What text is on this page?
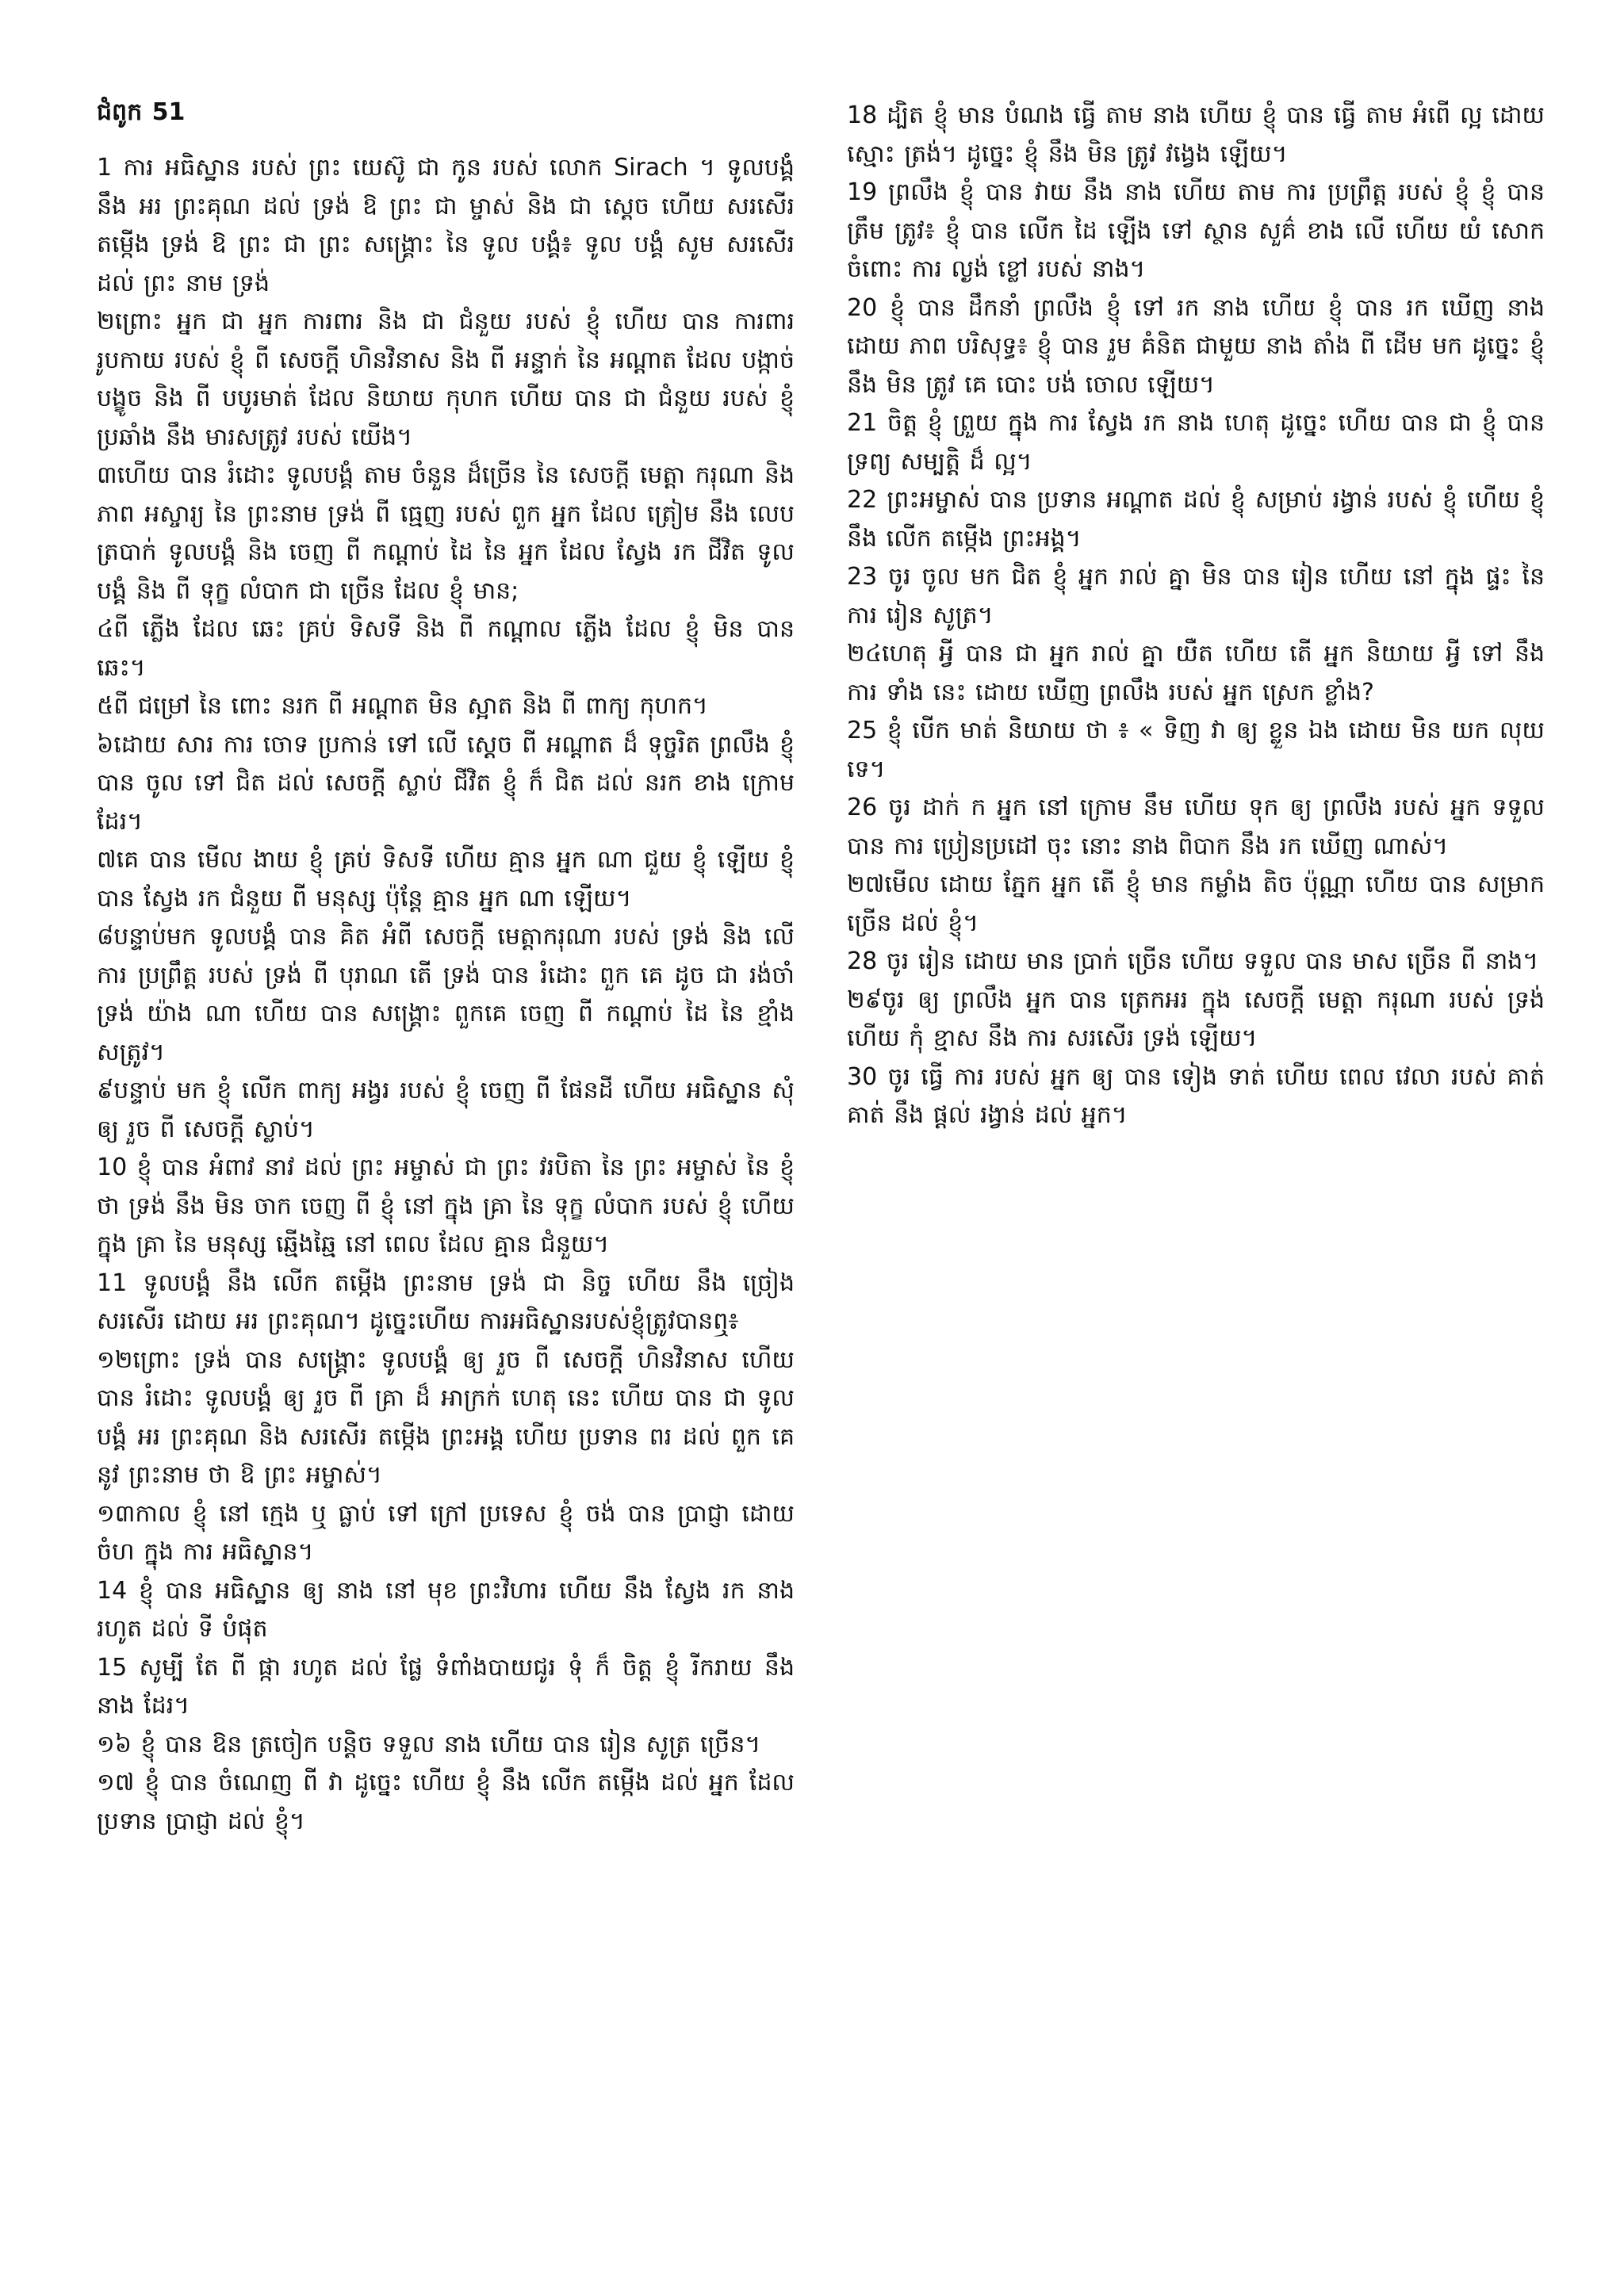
ជំពូក 51
1 ការ អធិស្ឋាន របស់ ព្រះ យេស៊ូ ជា កូន របស់ លោក Sirach ។ ទូលបង្គំ នឹង អរ ព្រះគុណ ដល់ ទ្រង់ ឱ ព្រះ ជា ម្ចាស់ និង ជា ស្តេច ហើយ សរសើរ តម្កើង ទ្រង់ ឱ ព្រះ ជា ព្រះ សង្គ្រោះ នៃ ទូល បង្គំ៖ ទូល បង្គំ សូម សរសើរ ដល់ ព្រះ នាម ទ្រង់
២ព្រោះ អ្នក ជា អ្នក ការពារ និង ជា ជំនួយ របស់ ខ្ញុំ ហើយ បាន ការពារ រូបកាយ របស់ ខ្ញុំ ពី សេចក្ដី ហិនវិនាស និង ពី អន្ទាក់ នៃ អណ្ដាត ដែល បង្កាច់ បង្ខូច និង ពី បបូរមាត់ ដែល និយាយ កុហក ហើយ បាន ជា ជំនួយ របស់ ខ្ញុំ ប្រឆាំង នឹង មារសត្រូវ របស់ យើង។
៣ហើយ បាន រំដោះ ទូលបង្គំ តាម ចំនួន ដ៏ច្រើន នៃ សេចក្តី មេត្តា ករុណា និង ភាព អស្ចារ្យ នៃ ព្រះនាម ទ្រង់ ពី ធ្មេញ របស់ ពួក អ្នក ដែល ត្រៀម នឹង លេប ត្របាក់ ទូលបង្គំ និង ចេញ ពី កណ្តាប់ ដៃ នៃ អ្នក ដែល ស្វែង រក ជីវិត ទូលបង្គំ និង ពី ទុក្ខ លំបាក ជា ច្រើន ដែល ខ្ញុំ មាន;
៤ពី ភ្លើង ដែល ឆេះ គ្រប់ ទិសទី និង ពី កណ្តាល ភ្លើង ដែល ខ្ញុំ មិន បាន ឆេះ។
៥ពី ជម្រៅ នៃ ពោះ នរក ពី អណ្តាត មិន ស្អាត និង ពី ពាក្យ កុហក។
៦ដោយ សារ ការ ចោទ ប្រកាន់ ទៅ លើ ស្តេច ពី អណ្តាត ដ៏ ទុច្ចរិត ព្រលឹង ខ្ញុំ បាន ចូល ទៅ ជិត ដល់ សេចក្ដី ស្លាប់ ជីវិត ខ្ញុំ ក៏ ជិត ដល់ នរក ខាង ក្រោម ដែរ។
៧គេ បាន មើល ងាយ ខ្ញុំ គ្រប់ ទិសទី ហើយ គ្មាន អ្នក ណា ជួយ ខ្ញុំ ឡើយ ខ្ញុំ បាន ស្វែង រក ជំនួយ ពី មនុស្ស ប៉ុន្តែ គ្មាន អ្នក ណា ឡើយ។
៨បន្ទាប់មក ទូលបង្គំ បាន គិត អំពី សេចក្តី មេត្តាករុណា របស់ ទ្រង់ និង លើ ការ ប្រព្រឹត្ត របស់ ទ្រង់ ពី បុរាណ តើ ទ្រង់ បាន រំដោះ ពួក គេ ដូច ជា រង់ចាំ ទ្រង់ យ៉ាង ណា ហើយ បាន សង្គ្រោះ ពួកគេ ចេញ ពី កណ្តាប់ ដៃ នៃ ខ្មាំង សត្រូវ។
៩បន្ទាប់ មក ខ្ញុំ លើក ពាក្យ អង្វរ របស់ ខ្ញុំ ចេញ ពី ផែនដី ហើយ អធិស្ឋាន សុំ ឲ្យ រួច ពី សេចក្តី ស្លាប់។
10 ខ្ញុំ បាន អំពាវ នាវ ដល់ ព្រះ អម្ចាស់ ជា ព្រះ វរបិតា នៃ ព្រះ អម្ចាស់ នៃ ខ្ញុំ ថា ទ្រង់ នឹង មិន ចាក ចេញ ពី ខ្ញុំ នៅ ក្នុង គ្រា នៃ ទុក្ខ លំបាក របស់ ខ្ញុំ ហើយ ក្នុង គ្រា នៃ មនុស្ស ឆ្មើងឆ្មៃ នៅ ពេល ដែល គ្មាន ជំនួយ។
11 ទូលបង្គំ នឹង លើក តម្កើង ព្រះនាម ទ្រង់ ជា និច្ច ហើយ នឹង ច្រៀង សរសើរ ដោយ អរ ព្រះគុណ។ ដូច្នេះហើយ ការអធិស្ឋានរបស់ខ្ញុំត្រូវបានឮ៖
១២ព្រោះ ទ្រង់ បាន សង្គ្រោះ ទូលបង្គំ ឲ្យ រួច ពី សេចក្ដី ហិនវិនាស ហើយ បាន រំដោះ ទូលបង្គំ ឲ្យ រួច ពី គ្រា ដ៏ អាក្រក់ ហេតុ នេះ ហើយ បាន ជា ទូលបង្គំ អរ ព្រះគុណ និង សរសើរ តម្កើង ព្រះអង្គ ហើយ ប្រទាន ពរ ដល់ ពួក គេ នូវ ព្រះនាម ថា ឱ ព្រះ អម្ចាស់។
១៣កាល ខ្ញុំ នៅ ក្មេង ឬ ធ្លាប់ ទៅ ក្រៅ ប្រទេស ខ្ញុំ ចង់ បាន ប្រាជ្ញា ដោយ ចំហ ក្នុង ការ អធិស្ឋាន។
14 ខ្ញុំ បាន អធិស្ឋាន ឲ្យ នាង នៅ មុខ ព្រះវិហារ ហើយ នឹង ស្វែង រក នាង រហូត ដល់ ទី បំផុត
15 សូម្បី តែ ពី ផ្កា រហូត ដល់ ផ្លែ ទំពាំងបាយជូរ ទុំ ក៏ ចិត្ត ខ្ញុំ រីករាយ នឹង នាង ដែរ។
១៦ ខ្ញុំ បាន ឱន ត្រចៀក បន្តិច ទទួល នាង ហើយ បាន រៀន សូត្រ ច្រើន។
១៧ ខ្ញុំ បាន ចំណេញ ពី វា ដូច្នេះ ហើយ ខ្ញុំ នឹង លើក តម្កើង ដល់ អ្នក ដែល ប្រទាន ប្រាជ្ញា ដល់ ខ្ញុំ។
18 ដ្បិត ខ្ញុំ មាន បំណង ធ្វើ តាម នាង ហើយ ខ្ញុំ បាន ធ្វើ តាម អំពើ ល្អ ដោយ ស្មោះ ត្រង់។ ដូច្នេះ ខ្ញុំ នឹង មិន ត្រូវ វង្វេង ឡើយ។
19 ព្រលឹង ខ្ញុំ បាន វាយ នឹង នាង ហើយ តាម ការ ប្រព្រឹត្ត របស់ ខ្ញុំ ខ្ញុំ បាន ត្រឹម ត្រូវ៖ ខ្ញុំ បាន លើក ដៃ ឡើង ទៅ ស្ថាន សួគ៌ ខាង លើ ហើយ យំ សោក ចំពោះ ការ ល្ងង់ ខ្លៅ របស់ នាង។
20 ខ្ញុំ បាន ដឹកនាំ ព្រលឹង ខ្ញុំ ទៅ រក នាង ហើយ ខ្ញុំ បាន រក ឃើញ នាង ដោយ ភាព បរិសុទ្ធ៖ ខ្ញុំ បាន រួម គំនិត ជាមួយ នាង តាំង ពី ដើម មក ដូច្នេះ ខ្ញុំ នឹង មិន ត្រូវ គេ បោះ បង់ ចោល ឡើយ។
21 ចិត្ត ខ្ញុំ ព្រួយ ក្នុង ការ ស្វែង រក នាង ហេតុ ដូច្នេះ ហើយ បាន ជា ខ្ញុំ បាន ទ្រព្យ សម្បត្តិ ដ៏ ល្អ។
22 ព្រះអម្ចាស់ បាន ប្រទាន អណ្តាត ដល់ ខ្ញុំ សម្រាប់ រង្វាន់ របស់ ខ្ញុំ ហើយ ខ្ញុំ នឹង លើក តម្កើង ព្រះអង្គ។
23 ចូរ ចូល មក ជិត ខ្ញុំ អ្នក រាល់ គ្នា មិន បាន រៀន ហើយ នៅ ក្នុង ផ្ទះ នៃ ការ រៀន សូត្រ។
២៤ហេតុ អ្វី បាន ជា អ្នក រាល់ គ្នា យឺត ហើយ តើ អ្នក និយាយ អ្វី ទៅ នឹង ការ ទាំង នេះ ដោយ ឃើញ ព្រលឹង របស់ អ្នក ស្រេក ខ្លាំង?
25 ខ្ញុំ បើក មាត់ និយាយ ថា ៖ « ទិញ វា ឲ្យ ខ្លួន ឯង ដោយ មិន យក លុយ ទេ។
26 ចូរ ដាក់ ក អ្នក នៅ ក្រោម នឹម ហើយ ទុក ឲ្យ ព្រលឹង របស់ អ្នក ទទួល បាន ការ ប្រៀនប្រដៅ ចុះ នោះ នាង ពិបាក នឹង រក ឃើញ ណាស់។
២៧មើល ដោយ ភ្នែក អ្នក តើ ខ្ញុំ មាន កម្លាំង តិច ប៉ុណ្ណា ហើយ បាន សម្រាក ច្រើន ដល់ ខ្ញុំ។
28 ចូរ រៀន ដោយ មាន ប្រាក់ ច្រើន ហើយ ទទួល បាន មាស ច្រើន ពី នាង។
២៩ចូរ ឲ្យ ព្រលឹង អ្នក បាន ត្រេកអរ ក្នុង សេចក្ដី មេត្តា ករុណា របស់ ទ្រង់ ហើយ កុំ ខ្មាស នឹង ការ សរសើរ ទ្រង់ ឡើយ។
30 ចូរ ធ្វើ ការ របស់ អ្នក ឲ្យ បាន ទៀង ទាត់ ហើយ ពេល វេលា របស់ គាត់ គាត់ នឹង ផ្តល់ រង្វាន់ ដល់ អ្នក។
